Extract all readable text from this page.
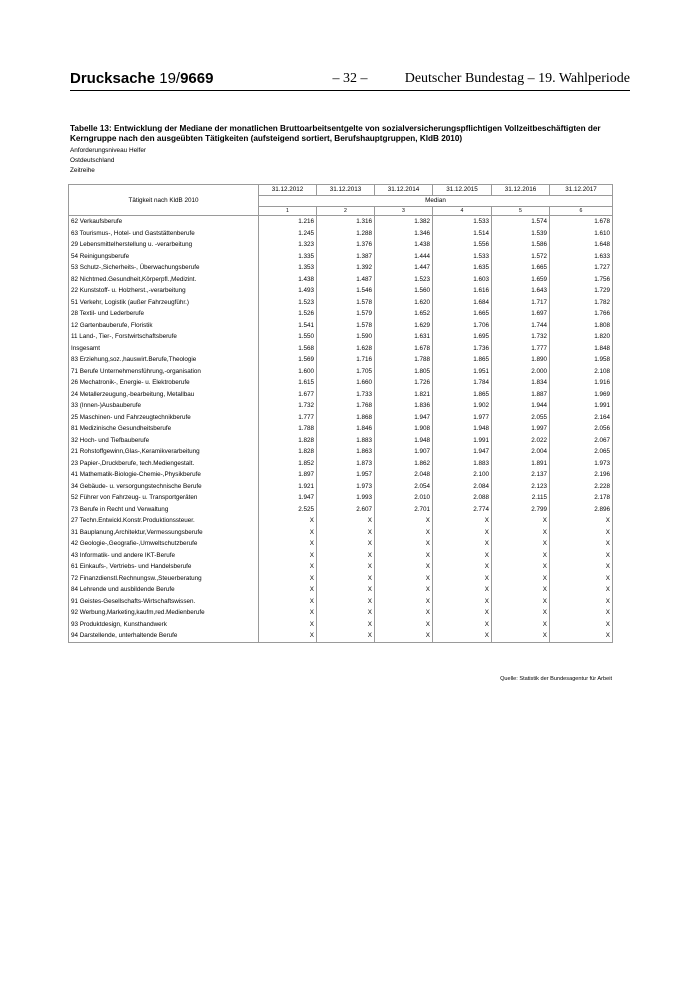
Drucksache 19/9669	– 32 –	Deutscher Bundestag – 19. Wahlperiode
Tabelle 13: Entwicklung der Mediane der monatlichen Bruttoarbeitsentgelte von sozialversicherungspflichtigen Vollzeitbeschäftigten der Kerngruppe nach den ausgeübten Tätigkeiten (aufsteigend sortiert, Berufshauptgruppen, KldB 2010)
Anforderungsniveau Helfer
Ostdeutschland
Zeitreihe
Tätigkeit nach KldB 2010	31.12.2012	31.12.2013	31.12.2014	31.12.2015	31.12.2016	31.12.2017
	Median					
	1	2	3	4	5	6
62 Verkaufsberufe	1.216	1.316	1.382	1.533	1.574	1.678
63 Tourismus-, Hotel- und Gaststättenberufe	1.245	1.288	1.346	1.514	1.539	1.610
29 Lebensmittelherstellung u. -verarbeitung	1.323	1.376	1.438	1.556	1.586	1.648
54 Reinigungsberufe	1.335	1.387	1.444	1.533	1.572	1.633
53 Schutz-,Sicherheits-, Überwachungsberufe	1.353	1.392	1.447	1.635	1.665	1.727
82 Nichtmed.Gesundheit,Körperpfl.,Medizint.	1.438	1.487	1.523	1.603	1.659	1.756
22 Kunststoff- u. Holzherst.,-verarbeitung	1.493	1.546	1.560	1.616	1.643	1.729
51 Verkehr, Logistik (außer Fahrzeugführ.)	1.523	1.578	1.620	1.684	1.717	1.782
28 Textil- und Lederberufe	1.526	1.579	1.652	1.665	1.697	1.766
12 Gartenbauberufe, Floristik	1.541	1.578	1.629	1.706	1.744	1.808
11 Land-, Tier-, Forstwirtschaftsberufe	1.550	1.590	1.631	1.695	1.732	1.820
Insgesamt	1.568	1.628	1.678	1.736	1.777	1.848
83 Erziehung,soz.,hauswirt.Berufe,Theologie	1.569	1.716	1.788	1.865	1.890	1.958
71 Berufe Unternehmensführung,-organisation	1.600	1.705	1.805	1.951	2.000	2.108
26 Mechatronik-, Energie- u. Elektroberufe	1.615	1.660	1.726	1.784	1.834	1.916
24 Metallerzeugung,-bearbeitung, Metallbau	1.677	1.733	1.821	1.865	1.887	1.969
33 (Innen-)Ausbauberufe	1.732	1.768	1.836	1.902	1.944	1.991
25 Maschinen- und Fahrzeugtechnikberufe	1.777	1.868	1.947	1.977	2.055	2.164
81 Medizinische Gesundheitsberufe	1.788	1.846	1.908	1.948	1.997	2.056
32 Hoch- und Tiefbauberufe	1.828	1.883	1.948	1.991	2.022	2.067
21 Rohstoffgewinn,Glas-,Keramikverarbeitung	1.828	1.863	1.907	1.947	2.004	2.065
23 Papier-,Druckberufe, tech.Mediengestalt.	1.852	1.873	1.862	1.883	1.891	1.973
41 Mathematik-Biologie-Chemie-,Physikberufe	1.897	1.957	2.048	2.100	2.137	2.196
34 Gebäude- u. versorgungstechnische Berufe	1.921	1.973	2.054	2.084	2.123	2.228
52 Führer von Fahrzeug- u. Transportgeräten	1.947	1.993	2.010	2.088	2.115	2.178
73 Berufe in Recht und Verwaltung	2.525	2.607	2.701	2.774	2.799	2.896
27 Techn.Entwickl.Konstr.Produktionssteuer.	X	X	X	X	X	X
31 Bauplanung,Architektur,Vermessungsberufe	X	X	X	X	X	X
42 Geologie-,Geografie-,Umweltschutzberufe	X	X	X	X	X	X
43 Informatik- und andere IKT-Berufe	X	X	X	X	X	X
61 Einkaufs-, Vertriebs- und Handelsberufe	X	X	X	X	X	X
72 Finanzdienstl.Rechnungsw.,Steuerberatung	X	X	X	X	X	X
84 Lehrende und ausbildende Berufe	X	X	X	X	X	X
91 Geistes-Gesellschafts-Wirtschaftswissen.	X	X	X	X	X	X
92 Werbung,Marketing,kaufm,red.Medienberufe	X	X	X	X	X	X
93 Produktdesign, Kunsthandwerk	X	X	X	X	X	X
94 Darstellende, unterhaltende Berufe	X	X	X	X	X	X
Quelle: Statistik der Bundesagentur für Arbeit
